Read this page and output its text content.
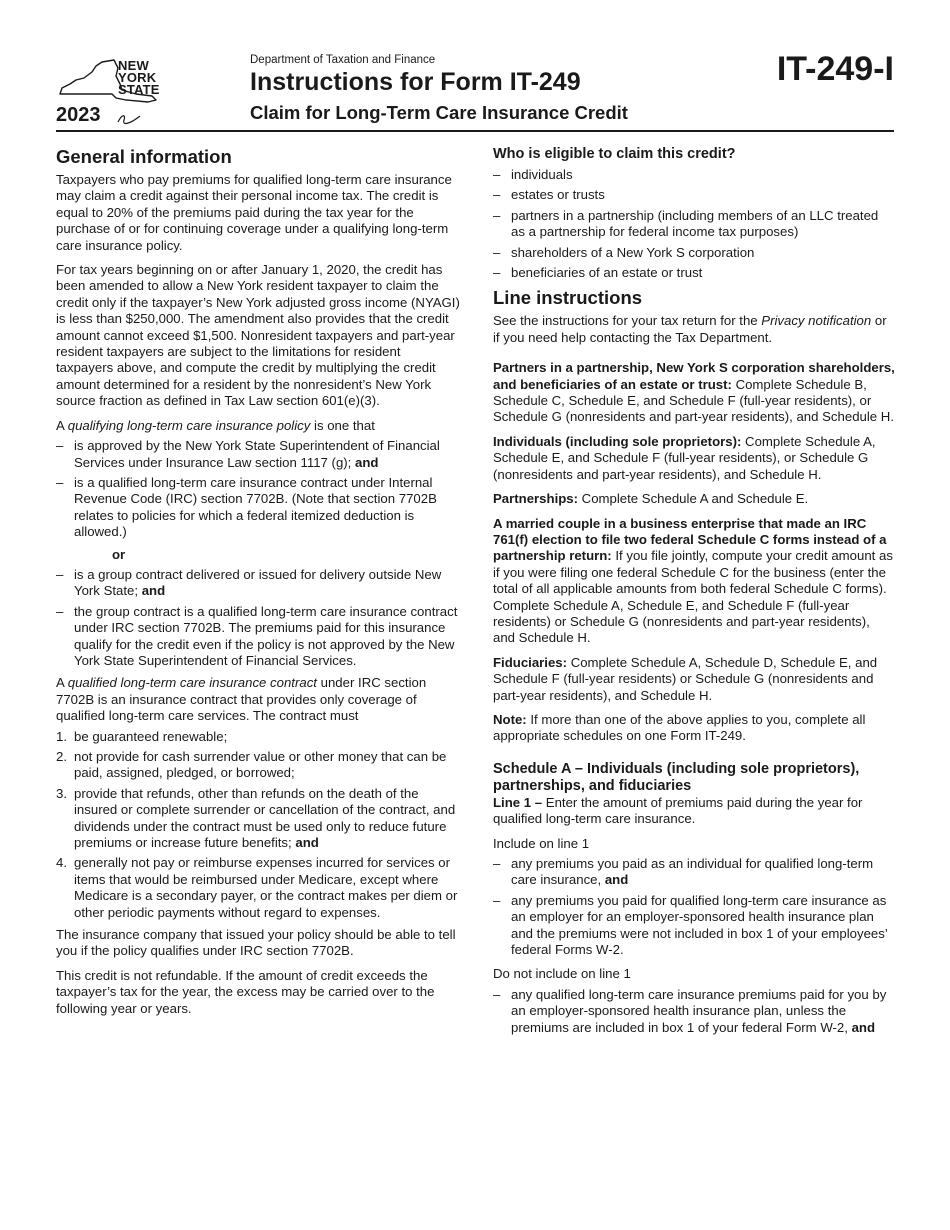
NEW
YORK
STATE
2023
Department of Taxation and Finance
Instructions for Form IT-249
Claim for Long-Term Care Insurance Credit
IT-249-I
General information

Taxpayers who pay premiums for qualified long-term care insurance may claim a credit against their personal income tax. The credit is equal to 20% of the premiums paid during the tax year for the purchase of or for continuing coverage under a qualifying long-term care insurance policy.

For tax years beginning on or after January 1, 2020, the credit has been amended to allow a New York resident taxpayer to claim the credit only if the taxpayer’s New York adjusted gross income (NYAGI) is less than $250,000. The amendment also provides that the credit amount cannot exceed $1,500. Nonresident taxpayers and part-year resident taxpayers are subject to the limitations for resident taxpayers above, and compute the credit by multiplying the credit amount determined for a resident by the nonresident’s New York source fraction as defined in Tax Law section 601(e)(3).

A qualifying long-term care insurance policy is one that

– is approved by the New York State Superintendent of Financial Services under Insurance Law section 1117 (g); and
– is a qualified long-term care insurance contract under Internal Revenue Code (IRC) section 7702B. (Note that section 7702B relates to policies for which a federal itemized deduction is allowed.)
or
– is a group contract delivered or issued for delivery outside New York State; and
– the group contract is a qualified long-term care insurance contract under IRC section 7702B. The premiums paid for this insurance qualify for the credit even if the policy is not approved by the New York State Superintendent of Financial Services.

A qualified long-term care insurance contract under IRC section 7702B is an insurance contract that provides only coverage of qualified long-term care services. The contract must

1. be guaranteed renewable;
2. not provide for cash surrender value or other money that can be paid, assigned, pledged, or borrowed;
3. provide that refunds, other than refunds on the death of the insured or complete surrender or cancellation of the contract, and dividends under the contract must be used only to reduce future premiums or increase future benefits; and
4. generally not pay or reimburse expenses incurred for services or items that would be reimbursed under Medicare, except where Medicare is a secondary payer, or the contract makes per diem or other periodic payments without regard to expenses.

The insurance company that issued your policy should be able to tell you if the policy qualifies under IRC section 7702B.

This credit is not refundable. If the amount of credit exceeds the taxpayer’s tax for the year, the excess may be carried over to the following year or years.

Who is eligible to claim this credit?
– individuals
– estates or trusts
– partners in a partnership (including members of an LLC treated as a partnership for federal income tax purposes)
– shareholders of a New York S corporation
– beneficiaries of an estate or trust
Line instructions

See the instructions for your tax return for the Privacy notification or if you need help contacting the Tax Department.

Partners in a partnership, New York S corporation shareholders, and beneficiaries of an estate or trust: Complete Schedule B, Schedule C, Schedule E, and Schedule F (full-year residents), or Schedule G (nonresidents and part-year residents), and Schedule H.

Individuals (including sole proprietors): Complete Schedule A, Schedule E, and Schedule F (full-year residents), or Schedule G (nonresidents and part-year residents), and Schedule H.

Partnerships: Complete Schedule A and Schedule E.

A married couple in a business enterprise that made an IRC 761(f) election to file two federal Schedule C forms instead of a partnership return: If you file jointly, compute your credit amount as if you were filing one federal Schedule C for the business (enter the total of all applicable amounts from both federal Schedule C forms). Complete Schedule A, Schedule E, and Schedule F (full-year residents) or Schedule G (nonresidents and part-year residents), and Schedule H.

Fiduciaries: Complete Schedule A, Schedule D, Schedule E, and Schedule F (full-year residents) or Schedule G (nonresidents and part-year residents), and Schedule H.

Note: If more than one of the above applies to you, complete all appropriate schedules on one Form IT-249.

Schedule A – Individuals (including sole proprietors), partnerships, and fiduciaries

Line 1 – Enter the amount of premiums paid during the year for qualified long-term care insurance.

Include on line 1

– any premiums you paid as an individual for qualified long-term care insurance, and
– any premiums you paid for qualified long-term care insurance as an employer for an employer-sponsored health insurance plan and the premiums were not included in box 1 of your employees’ federal Forms W-2.

Do not include on line 1

– any qualified long-term care insurance premiums paid for you by an employer-sponsored health insurance plan, unless the premiums are included in box 1 of your federal Form W-2, and
